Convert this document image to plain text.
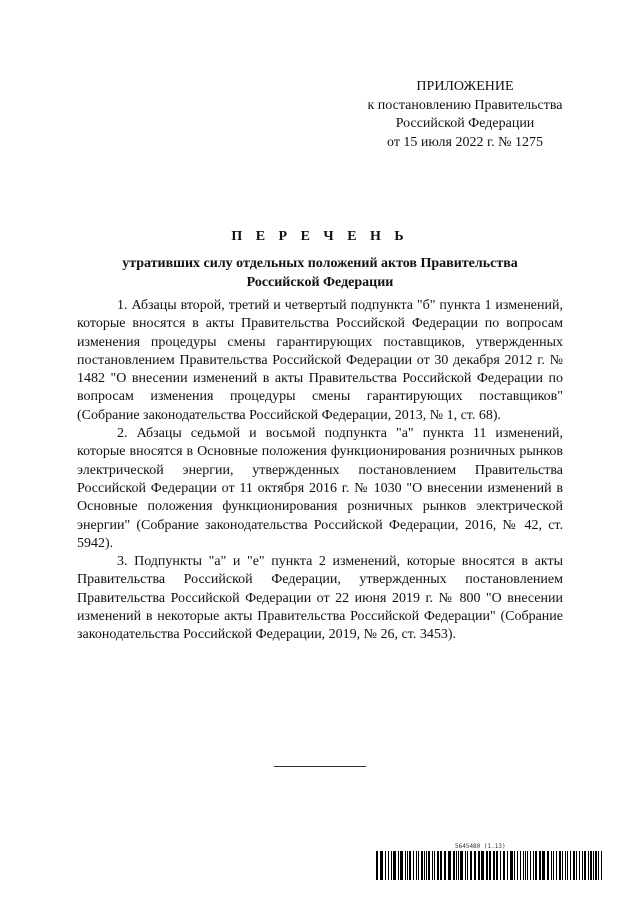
ПРИЛОЖЕНИЕ
к постановлению Правительства
Российской Федерации
от 15 июля 2022 г. № 1275
П Е Р Е Ч Е Н Ь
утративших силу отдельных положений актов Правительства
Российской Федерации

1. Абзацы второй, третий и четвертый подпункта "б" пункта 1 изменений, которые вносятся в акты Правительства Российской Федерации по вопросам изменения процедуры смены гарантирующих поставщиков, утвержденных постановлением Правительства Российской Федерации от 30 декабря 2012 г. № 1482 "О внесении изменений в акты Правительства Российской Федерации по вопросам изменения процедуры смены гарантирующих поставщиков" (Собрание законодательства Российской Федерации, 2013, № 1, ст. 68).

2. Абзацы седьмой и восьмой подпункта "а" пункта 11 изменений, которые вносятся в Основные положения функционирования розничных рынков электрической энергии, утвержденных постановлением Правительства Российской Федерации от 11 октября 2016 г. № 1030 "О внесении изменений в Основные положения функционирования розничных рынков электрической энергии" (Собрание законодательства Российской Федерации, 2016, № 42, ст. 5942).

3. Подпункты "а" и "е" пункта 2 изменений, которые вносятся в акты Правительства Российской Федерации, утвержденных постановлением Правительства Российской Федерации от 22 июня 2019 г. № 800 "О внесении изменений в некоторые акты Правительства Российской Федерации" (Собрание законодательства Российской Федерации, 2019, № 26, ст. 3453).

5645480 (1.13)
